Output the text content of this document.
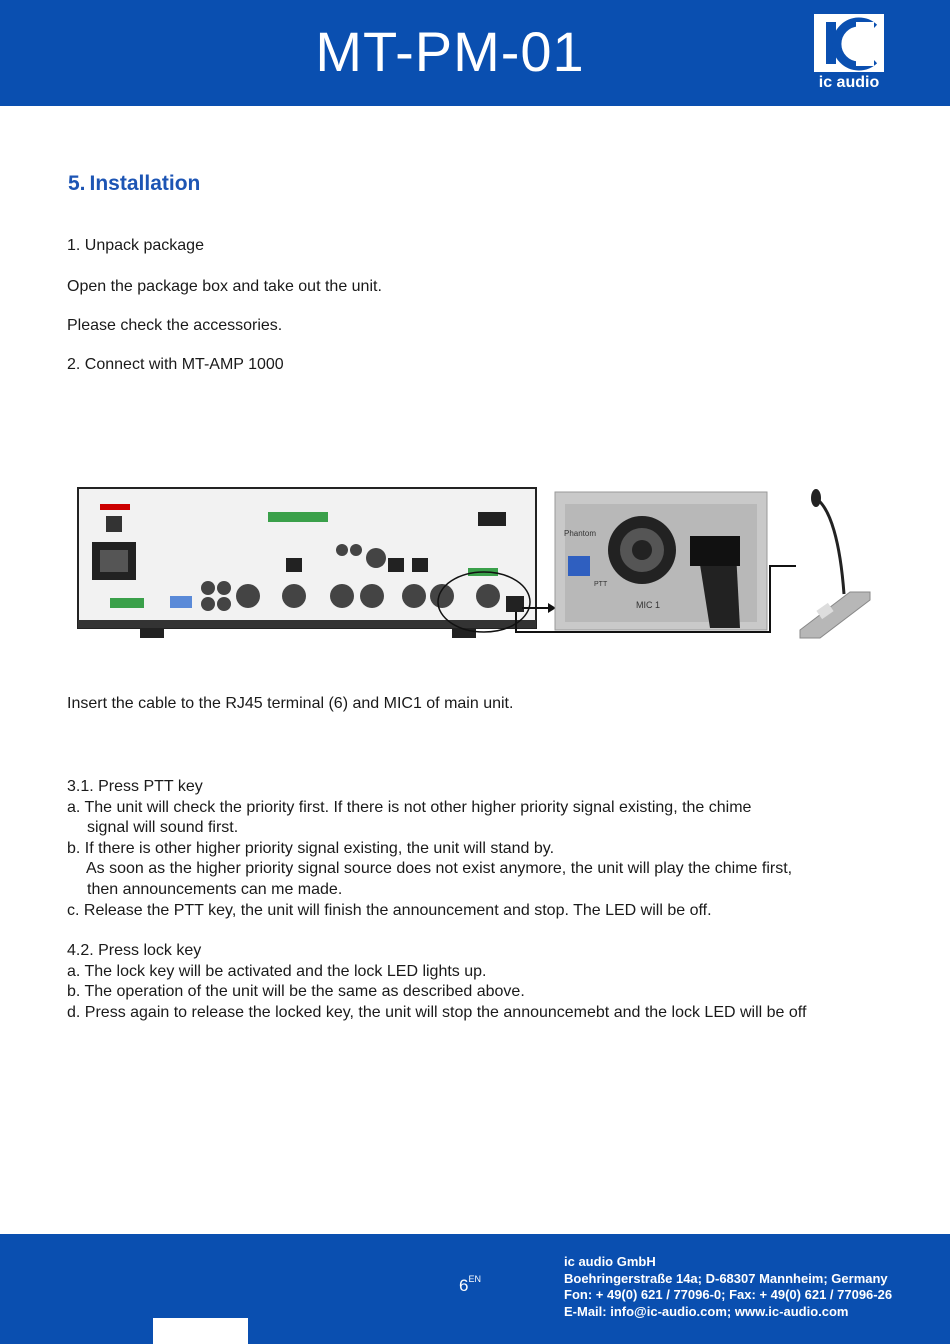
MT-PM-01	ic audio
5. Installation
1. Unpack package
Open the package box and take out the unit.
Please check the accessories.
2. Connect with MT-AMP 1000
Phantom
PTT
MIC 1
Insert the cable to the RJ45 terminal (6) and MIC1 of main unit.
3.1. Press PTT key
a. The unit will check the priority first. If there is not other higher priority signal existing, the chime
signal will sound first.
b. If there is other higher priority signal existing, the unit will stand by.
As soon as the higher priority signal source does not exist anymore, the unit will play the chime first,
then announcements can me made.
c. Release the PTT key, the unit will finish the announcement and stop. The LED will be off.
4.2. Press lock key
a. The lock key will be activated and the lock LED lights up.
b. The operation of the unit will be the same as described above.
d. Press again to release the locked key, the unit will stop the announcemebt and the lock LED will be off
$6^{EN}$
ic audio GmbH
Boehringerstraße 14a; D-68307 Mannheim; Germany
Fon: + 49(0) 621 / 77096-0; Fax: + 49(0) 621 / 77096-26
E-Mail: info@ic-audio.com; www.ic-audio.com
